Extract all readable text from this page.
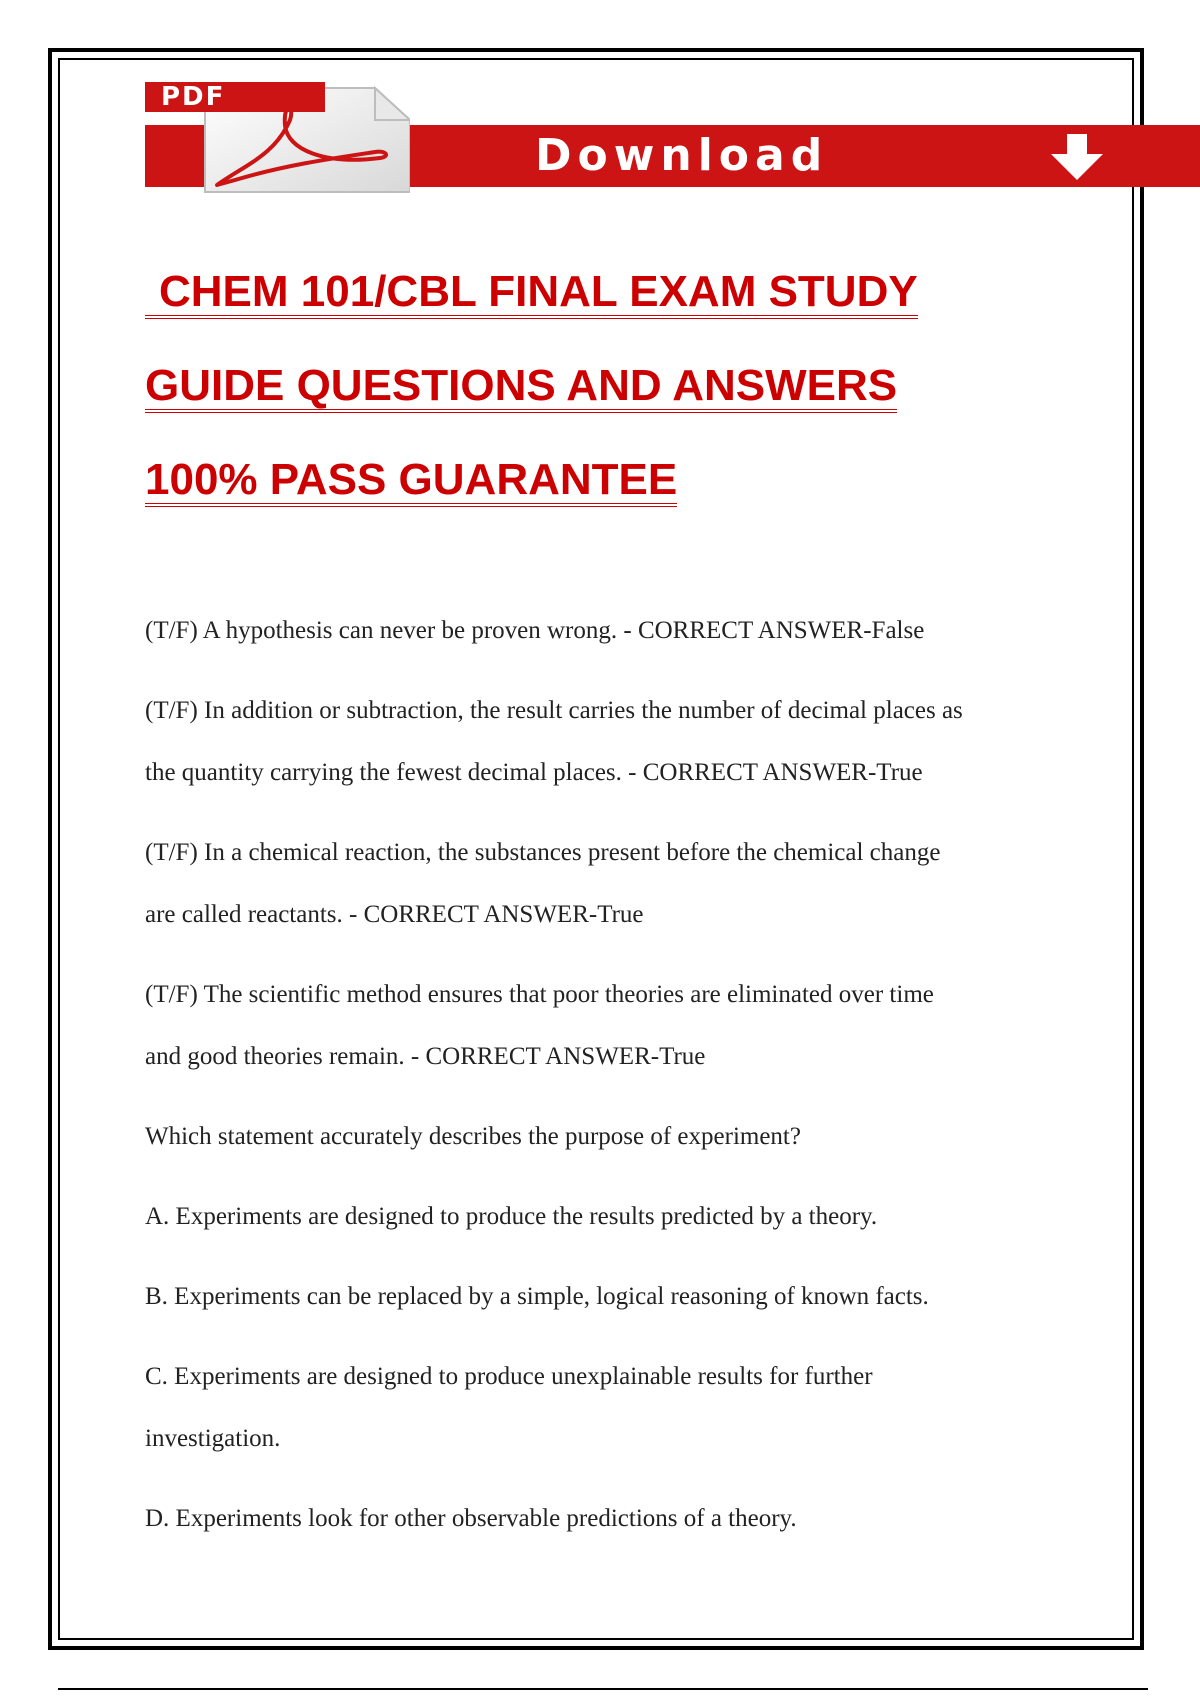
PDF
Download
CHEM 101/CBL FINAL EXAM STUDY
GUIDE QUESTIONS AND ANSWERS
100% PASS GUARANTEE
(T/F) A hypothesis can never be proven wrong. - CORRECT ANSWER-False
(T/F) In addition or subtraction, the result carries the number of decimal places as
the quantity carrying the fewest decimal places. - CORRECT ANSWER-True
(T/F) In a chemical reaction, the substances present before the chemical change
are called reactants. - CORRECT ANSWER-True
(T/F) The scientific method ensures that poor theories are eliminated over time
and good theories remain. - CORRECT ANSWER-True
Which statement accurately describes the purpose of experiment?
A. Experiments are designed to produce the results predicted by a theory.
B. Experiments can be replaced by a simple, logical reasoning of known facts.
C. Experiments are designed to produce unexplainable results for further
investigation.
D. Experiments look for other observable predictions of a theory.
